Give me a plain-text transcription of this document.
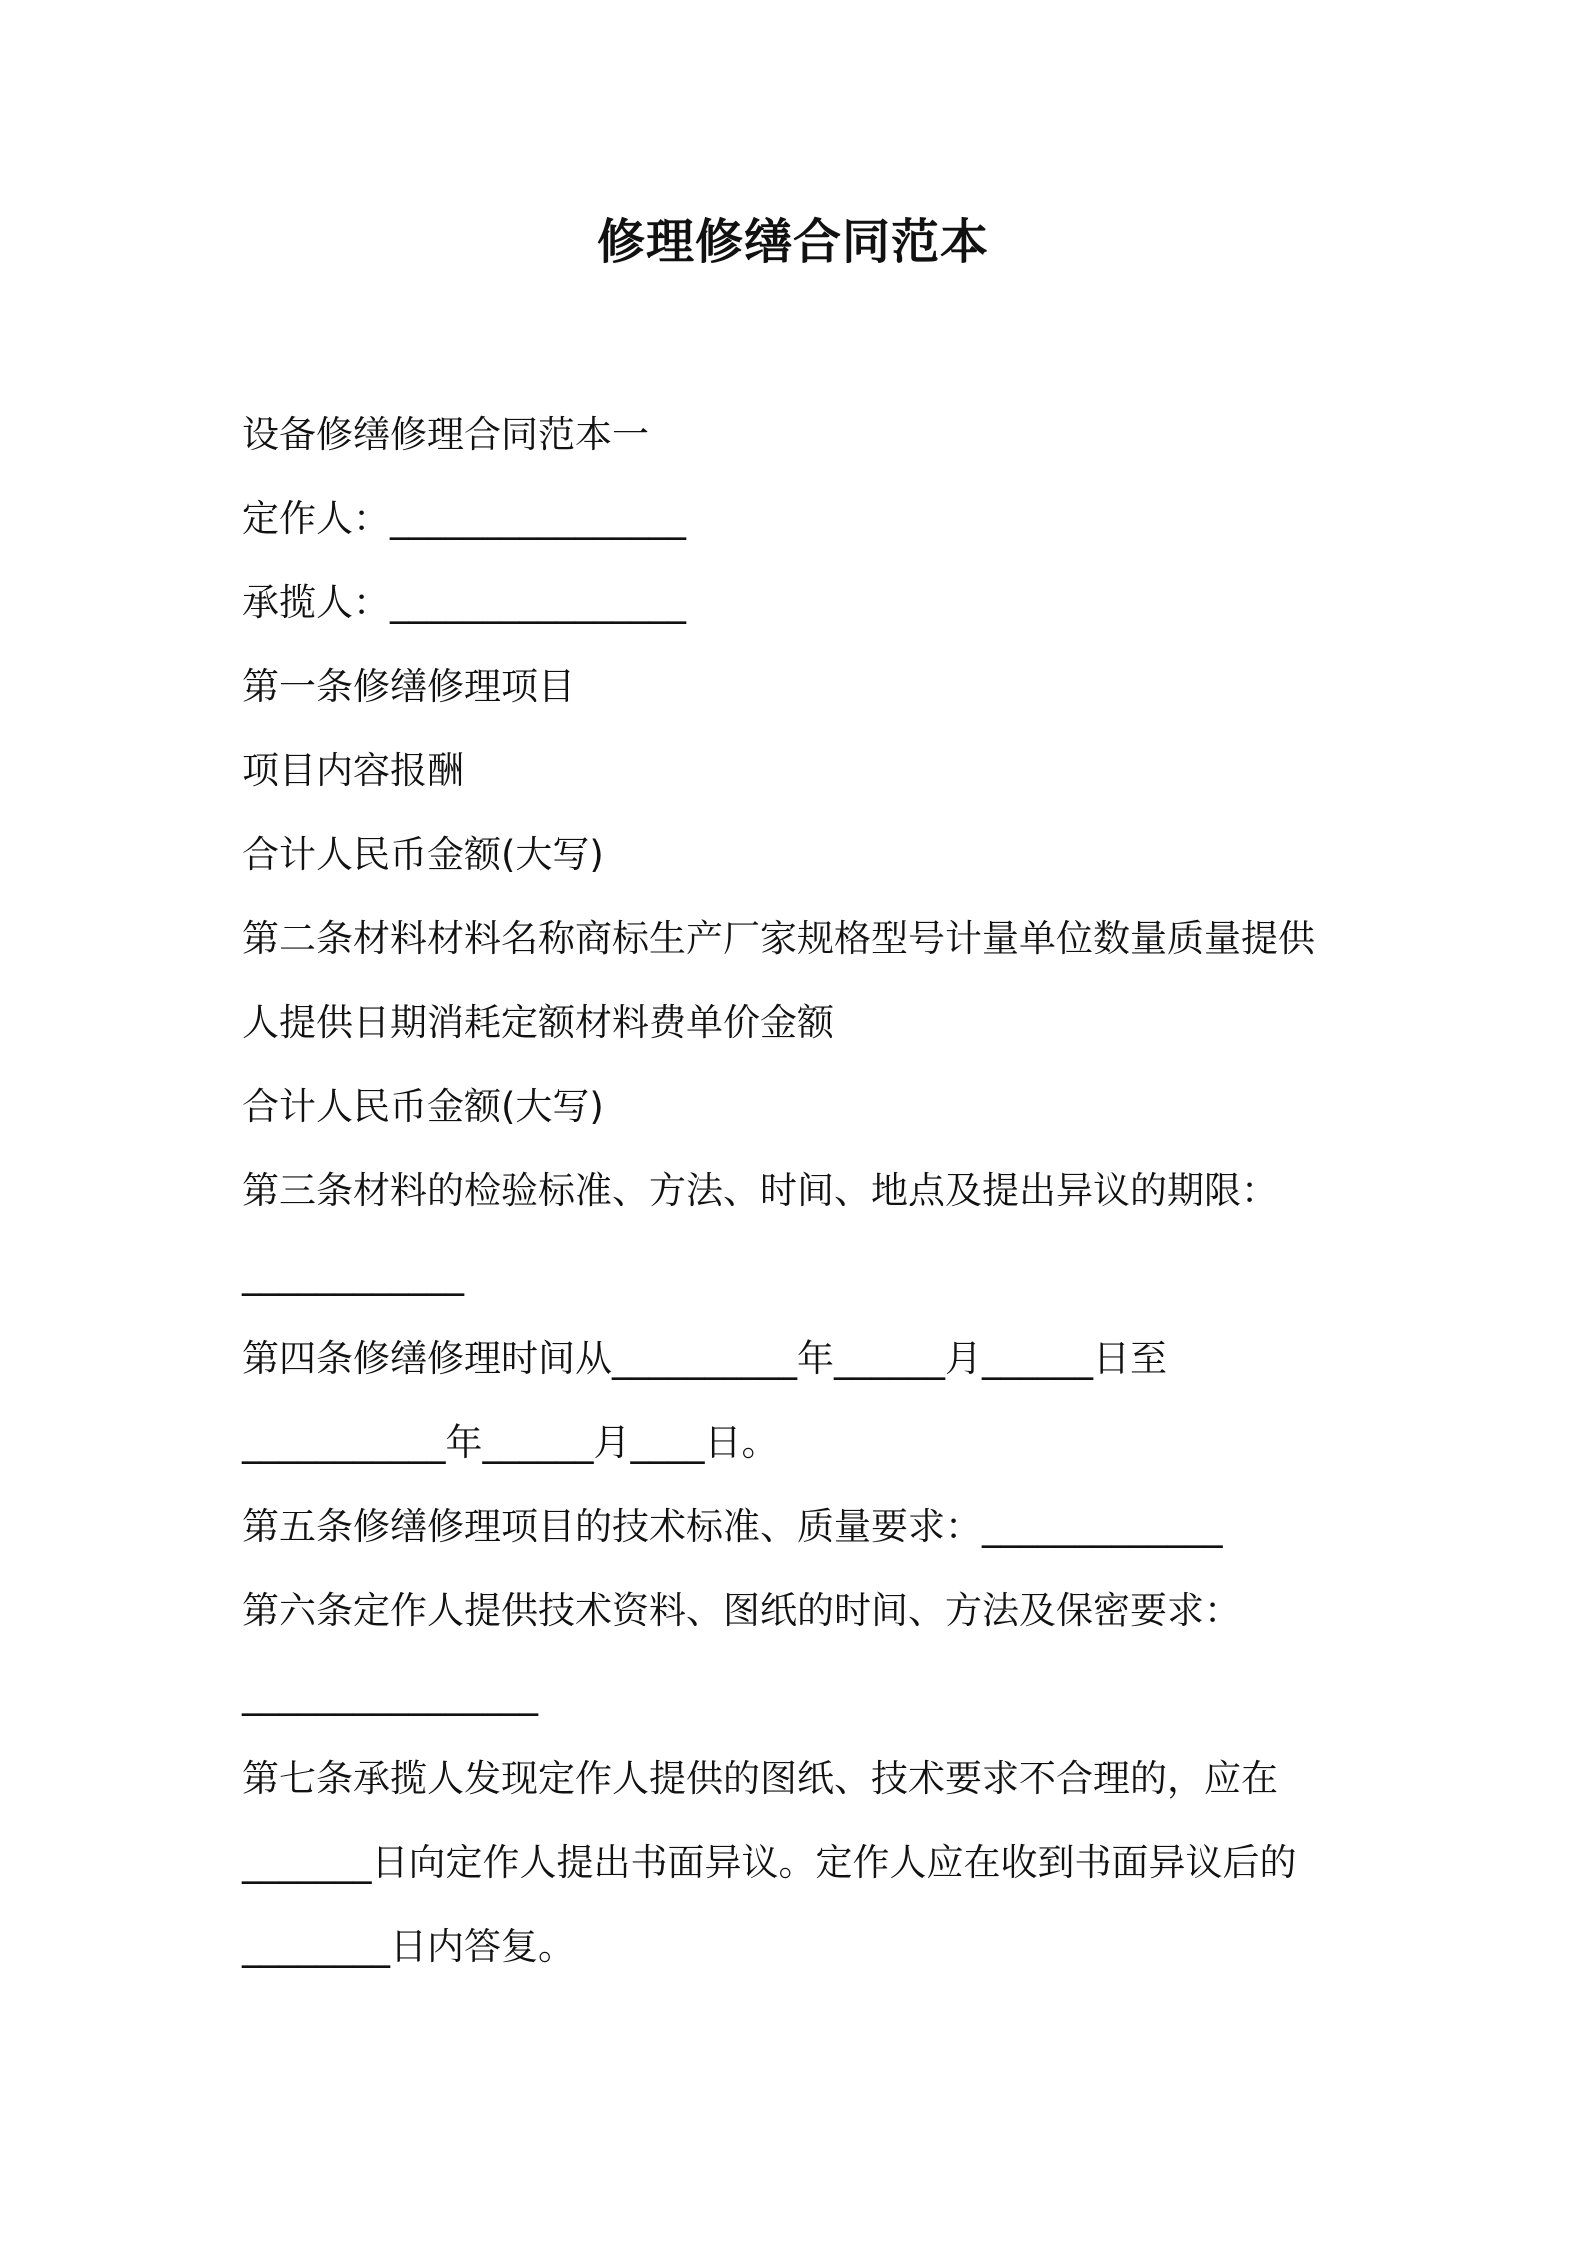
修理修缮合同范本
设备修缮修理合同范本一
定作人：________________
承揽人：________________
第一条修缮修理项目
项目内容报酬
合计人民币金额(大写)
第二条材料材料名称商标生产厂家规格型号计量单位数量质量提供
人提供日期消耗定额材料费单价金额
合计人民币金额(大写)
第三条材料的检验标准、方法、时间、地点及提出异议的期限：
____________
第四条修缮修理时间从__________年______月______日至
___________年______月____日。
第五条修缮修理项目的技术标准、质量要求：_____________
第六条定作人提供技术资料、图纸的时间、方法及保密要求：
________________
第七条承揽人发现定作人提供的图纸、技术要求不合理的，应在
_______日向定作人提出书面异议。定作人应在收到书面异议后的
________日内答复。
